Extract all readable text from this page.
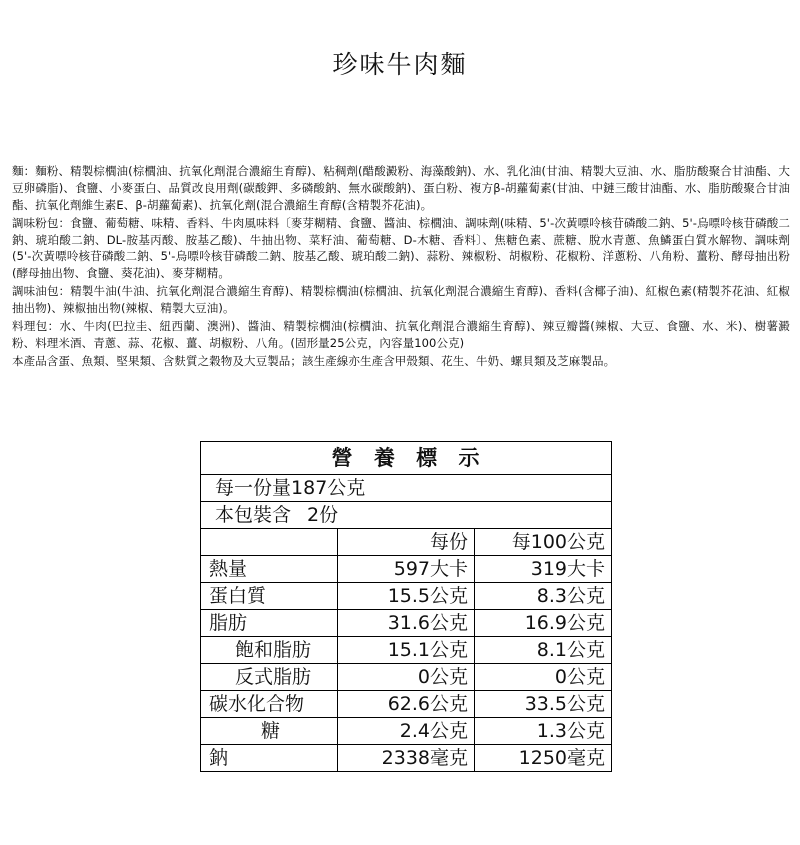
珍味牛肉麵

麵：麵粉、精製棕櫚油(棕櫚油、抗氧化劑混合濃縮生育醇)、粘稠劑(醋酸澱粉、海藻酸鈉)、水、乳化油(甘油、精製大豆油、水、脂肪酸聚合甘油酯、大豆卵磷脂)、食鹽、小麥蛋白、品質改良用劑(碳酸鉀、多磷酸鈉、無水碳酸鈉)、蛋白粉、複方β-胡蘿蔔素(甘油、中鏈三酸甘油酯、水、脂肪酸聚合甘油酯、抗氧化劑維生素E、β-胡蘿蔔素)、抗氧化劑(混合濃縮生育醇(含精製芥花油)。

調味粉包：食鹽、葡萄糖、味精、香料、牛肉風味料〔麥芽糊精、食鹽、醬油、棕櫚油、調味劑(味精、5'-次黃嘌呤核苷磷酸二鈉、5'-烏嘌呤核苷磷酸二鈉、琥珀酸二鈉、DL-胺基丙酸、胺基乙酸)、牛抽出物、菜籽油、葡萄糖、D-木糖、香料〕、焦糖色素、蔗糖、脫水青蔥、魚鱗蛋白質水解物、調味劑(5'-次黃嘌呤核苷磷酸二鈉、5'-烏嘌呤核苷磷酸二鈉、胺基乙酸、琥珀酸二鈉)、蒜粉、辣椒粉、胡椒粉、花椒粉、洋蔥粉、八角粉、薑粉、酵母抽出粉(酵母抽出物、食鹽、葵花油)、麥芽糊精。

調味油包：精製牛油(牛油、抗氧化劑混合濃縮生育醇)、精製棕櫚油(棕櫚油、抗氧化劑混合濃縮生育醇)、香料(含椰子油)、紅椒色素(精製芥花油、紅椒抽出物)、辣椒抽出物(辣椒、精製大豆油)。

料理包：水、牛肉(巴拉圭、紐西蘭、澳洲)、醬油、精製棕櫚油(棕櫚油、抗氧化劑混合濃縮生育醇)、辣豆瓣醬(辣椒、大豆、食鹽、水、米)、樹薯澱粉、料理米酒、青蔥、蒜、花椒、薑、胡椒粉、八角。(固形量25公克，內容量100公克)

本產品含蛋、魚類、堅果類、含麩質之穀物及大豆製品；該生產線亦生產含甲殼類、花生、牛奶、螺貝類及芝麻製品。

營 養 標 示		
每一份量187公克		
本包裝含 2份		
	每份	每100公克
熱量	597大卡	319大卡
蛋白質	15.5公克	8.3公克
脂肪	31.6公克	16.9公克
飽和脂肪	15.1公克	8.1公克
反式脂肪	0公克	0公克
碳水化合物	62.6公克	33.5公克
糖	2.4公克	1.3公克
鈉	2338毫克	1250毫克
